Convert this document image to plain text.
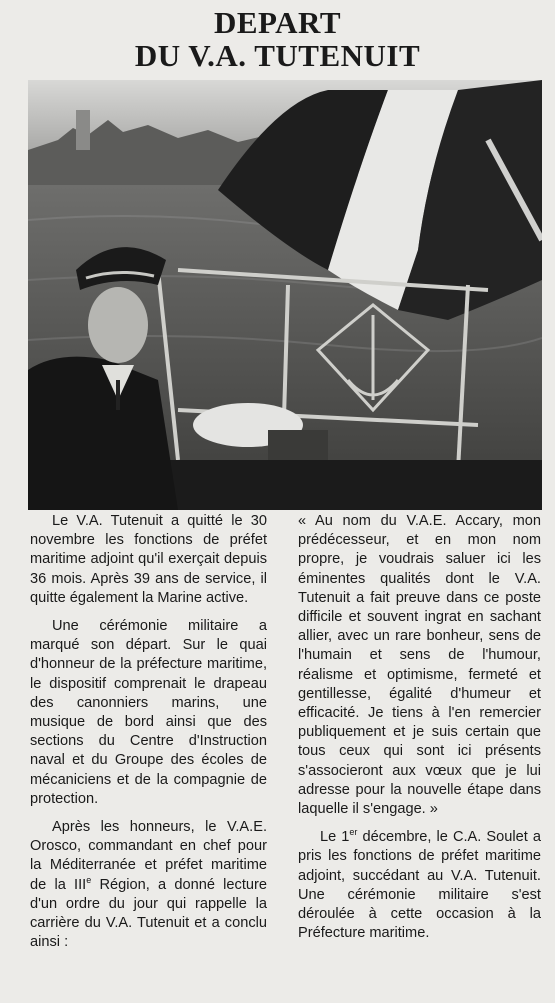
DEPART
DU V.A. TUTENUIT

Le V.A. Tutenuit a quitté le 30 novembre les fonctions de préfet maritime adjoint qu'il exerçait depuis 36 mois. Après 39 ans de service, il quitte également la Marine active.

Une cérémonie militaire a marqué son départ. Sur le quai d'honneur de la préfecture maritime, le dispositif comprenait le drapeau des canonniers marins, une musique de bord ainsi que des sections du Centre d'Instruction naval et du Groupe des écoles de mécaniciens et de la compagnie de protection.

Après les honneurs, le V.A.E. Orosco, commandant en chef pour la Méditerranée et préfet maritime de la IIIe Région, a donné lecture d'un ordre du jour qui rappelle la carrière du V.A. Tutenuit et a conclu ainsi :

« Au nom du V.A.E. Accary, mon prédécesseur, et en mon nom propre, je voudrais saluer ici les éminentes qualités dont le V.A. Tutenuit a fait preuve dans ce poste difficile et souvent ingrat en sachant allier, avec un rare bonheur, sens de l'humain et sens de l'humour, réalisme et optimisme, fermeté et gentillesse, égalité d'humeur et efficacité. Je tiens à l'en remercier publiquement et je suis certain que tous ceux qui sont ici présents s'associeront aux vœux que je lui adresse pour la nouvelle étape dans laquelle il s'engage. »

Le 1er décembre, le C.A. Soulet a pris les fonctions de préfet maritime adjoint, succédant au V.A. Tutenuit. Une cérémonie militaire s'est déroulée à cette occasion à la Préfecture maritime.
